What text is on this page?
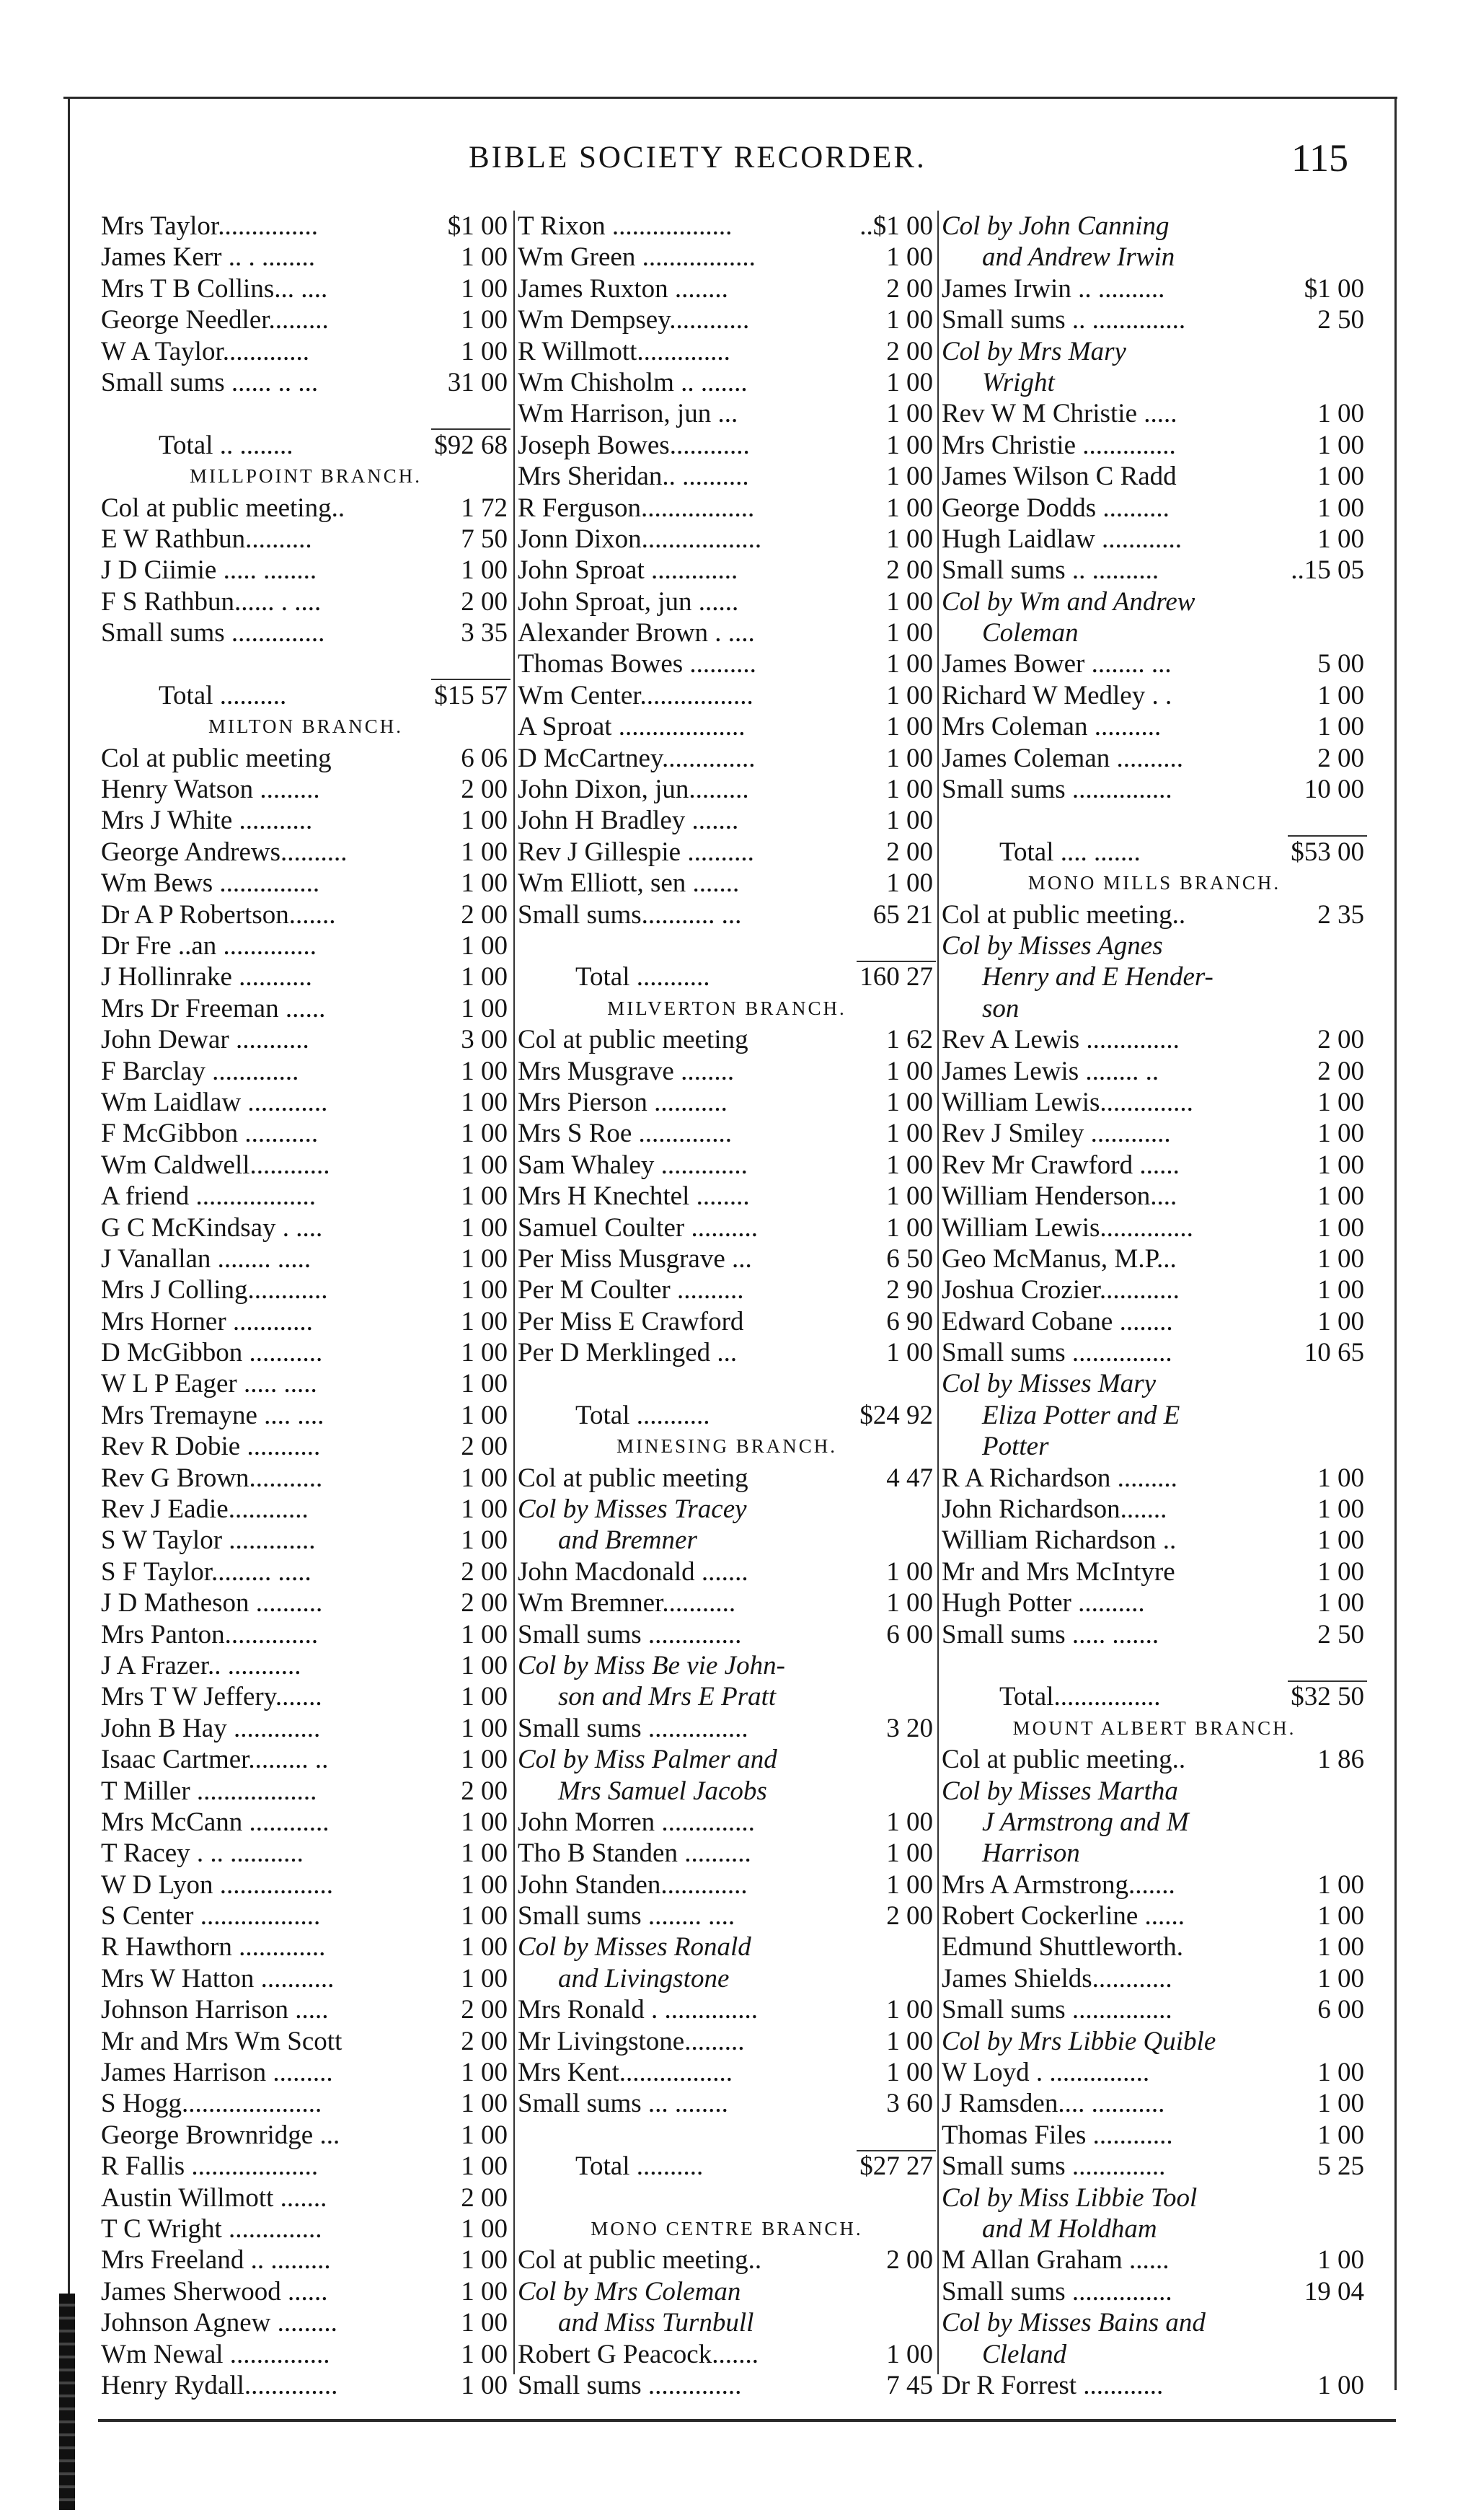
BIBLE SOCIETY RECORDER.	115
Mrs Taylor...............	$1 00
James Kerr .. . ........	1 00
Mrs T B Collins... ....	1 00
George Needler.........	1 00
W A Taylor.............	1 00
Small sums ...... .. ...	31 00
Total .. ........	$92 68
MILLPOINT BRANCH.
Col at public meeting..	1 72
E W Rathbun..........	7 50
J D Ciimie ..... ........	1 00
F S Rathbun...... . ....	2 00
Small sums ..............	3 35
Total ..........	$15 57
MILTON BRANCH.
Col at public meeting	6 06
Henry Watson .........	2 00
Mrs J White ...........	1 00
George Andrews..........	1 00
Wm Bews ...............	1 00
Dr A P Robertson.......	2 00
Dr Fre ..an ..............	1 00
J Hollinrake ...........	1 00
Mrs Dr Freeman ......	1 00
John Dewar ...........	3 00
F Barclay .............	1 00
Wm Laidlaw ............	1 00
F McGibbon ...........	1 00
Wm Caldwell............	1 00
A friend ..................	1 00
G C McKindsay . ....	1 00
J Vanallan ........ .....	1 00
Mrs J Colling............	1 00
Mrs Horner ............	1 00
D McGibbon ...........	1 00
W L P Eager ..... .....	1 00
Mrs Tremayne .... ....	1 00
Rev R Dobie ...........	2 00
Rev G Brown...........	1 00
Rev J Eadie............	1 00
S W Taylor .............	1 00
S F Taylor......... .....	2 00
J D Matheson ..........	2 00
Mrs Panton..............	1 00
J A Frazer.. ...........	1 00
Mrs T W Jeffery.......	1 00
John B Hay .............	1 00
Isaac Cartmer......... ..	1 00
T Miller ..................	2 00
Mrs McCann ............	1 00
T Racey . .. ...........	1 00
W D Lyon .................	1 00
S Center ..................	1 00
R Hawthorn .............	1 00
Mrs W Hatton ...........	1 00
Johnson Harrison .....	2 00
Mr and Mrs Wm Scott	2 00
James Harrison .........	1 00
S Hogg.....................	1 00
George Brownridge ...	1 00
R Fallis ...................	1 00
Austin Willmott .......	2 00
T C Wright ..............	1 00
Mrs Freeland .. .........	1 00
James Sherwood ......	1 00
Johnson Agnew .........	1 00
Wm Newal ...............	1 00
Henry Rydall..............	1 00
T Rixon ..................	..$1 00
Wm Green .................	1 00
James Ruxton ........	2 00
Wm Dempsey............	1 00
R Willmott..............	2 00
Wm Chisholm .. .......	1 00
Wm Harrison, jun ...	1 00
Joseph Bowes............	1 00
Mrs Sheridan.. ..........	1 00
R Ferguson.................	1 00
Jonn Dixon..................	1 00
John Sproat .............	2 00
John Sproat, jun ......	1 00
Alexander Brown . ....	1 00
Thomas Bowes ..........	1 00
Wm Center.................	1 00
A Sproat ...................	1 00
D McCartney..............	1 00
John Dixon, jun.........	1 00
John H Bradley .......	1 00
Rev J Gillespie ..........	2 00
Wm Elliott, sen .......	1 00
Small sums........... ...	65 21
Total ...........	160 27
MILVERTON BRANCH.
Col at public meeting	1 62
Mrs Musgrave ........	1 00
Mrs Pierson ...........	1 00
Mrs S Roe ..............	1 00
Sam Whaley .............	1 00
Mrs H Knechtel ........	1 00
Samuel Coulter ..........	1 00
Per Miss Musgrave ...	6 50
Per M Coulter ..........	2 90
Per Miss E Crawford	6 90
Per D Merklinged ...	1 00
Total ...........	$24 92
MINESING BRANCH.
Col at public meeting	4 47
Col by Misses Tracey
and Bremner
John Macdonald .......	1 00
Wm Bremner...........	1 00
Small sums ..............	6 00
Col by Miss Be vie John-
son and Mrs E Pratt
Small sums ...............	3 20
Col by Miss Palmer and
Mrs Samuel Jacobs
John Morren ..............	1 00
Tho B Standen ..........	1 00
John Standen.............	1 00
Small sums ........ ....	2 00
Col by Misses Ronald
and Livingstone
Mrs Ronald . ..............	1 00
Mr Livingstone.........	1 00
Mrs Kent.................	1 00
Small sums ... ........	3 60
Total ..........	$27 27
MONO CENTRE BRANCH.
Col at public meeting..	2 00
Col by Mrs Coleman
and Miss Turnbull
Robert G Peacock.......	1 00
Small sums ..............	7 45
Col by John Canning
and Andrew Irwin
James Irwin .. ..........	$1 00
Small sums .. ..............	2 50
Col by Mrs Mary
Wright
Rev W M Christie .....	1 00
Mrs Christie ..............	1 00
James Wilson C Radd	1 00
George Dodds ..........	1 00
Hugh Laidlaw ............	1 00
Small sums .. ..........	..15 05
Col by Wm and Andrew
Coleman
James Bower ........ ...	5 00
Richard W Medley . .	1 00
Mrs Coleman ..........	1 00
James Coleman ..........	2 00
Small sums ...............	10 00
Total .... .......	$53 00
MONO MILLS BRANCH.
Col at public meeting..	2 35
Col by Misses Agnes
Henry and E Hender-
son
Rev A Lewis ..............	2 00
James Lewis ........ ..	2 00
William Lewis..............	1 00
Rev J Smiley ............	1 00
Rev Mr Crawford ......	1 00
William Henderson....	1 00
William Lewis..............	1 00
Geo McManus, M.P...	1 00
Joshua Crozier............	1 00
Edward Cobane ........	1 00
Small sums ...............	10 65
Col by Misses Mary
Eliza Potter and E
Potter
R A Richardson .........	1 00
John Richardson.......	1 00
William Richardson ..	1 00
Mr and Mrs McIntyre	1 00
Hugh Potter ..........	1 00
Small sums ..... .......	2 50
Total................	$32 50
MOUNT ALBERT BRANCH.
Col at public meeting..	1 86
Col by Misses Martha
J Armstrong and M
Harrison
Mrs A Armstrong.......	1 00
Robert Cockerline ......	1 00
Edmund Shuttleworth.	1 00
James Shields............	1 00
Small sums ...............	6 00
Col by Mrs Libbie Quible
W Loyd . ...............	1 00
J Ramsden.... ...........	1 00
Thomas Files ............	1 00
Small sums ..............	5 25
Col by Miss Libbie Tool
and M Holdham
M Allan Graham ......	1 00
Small sums ...............	19 04
Col by Misses Bains and
Cleland
Dr R Forrest ............	1 00
